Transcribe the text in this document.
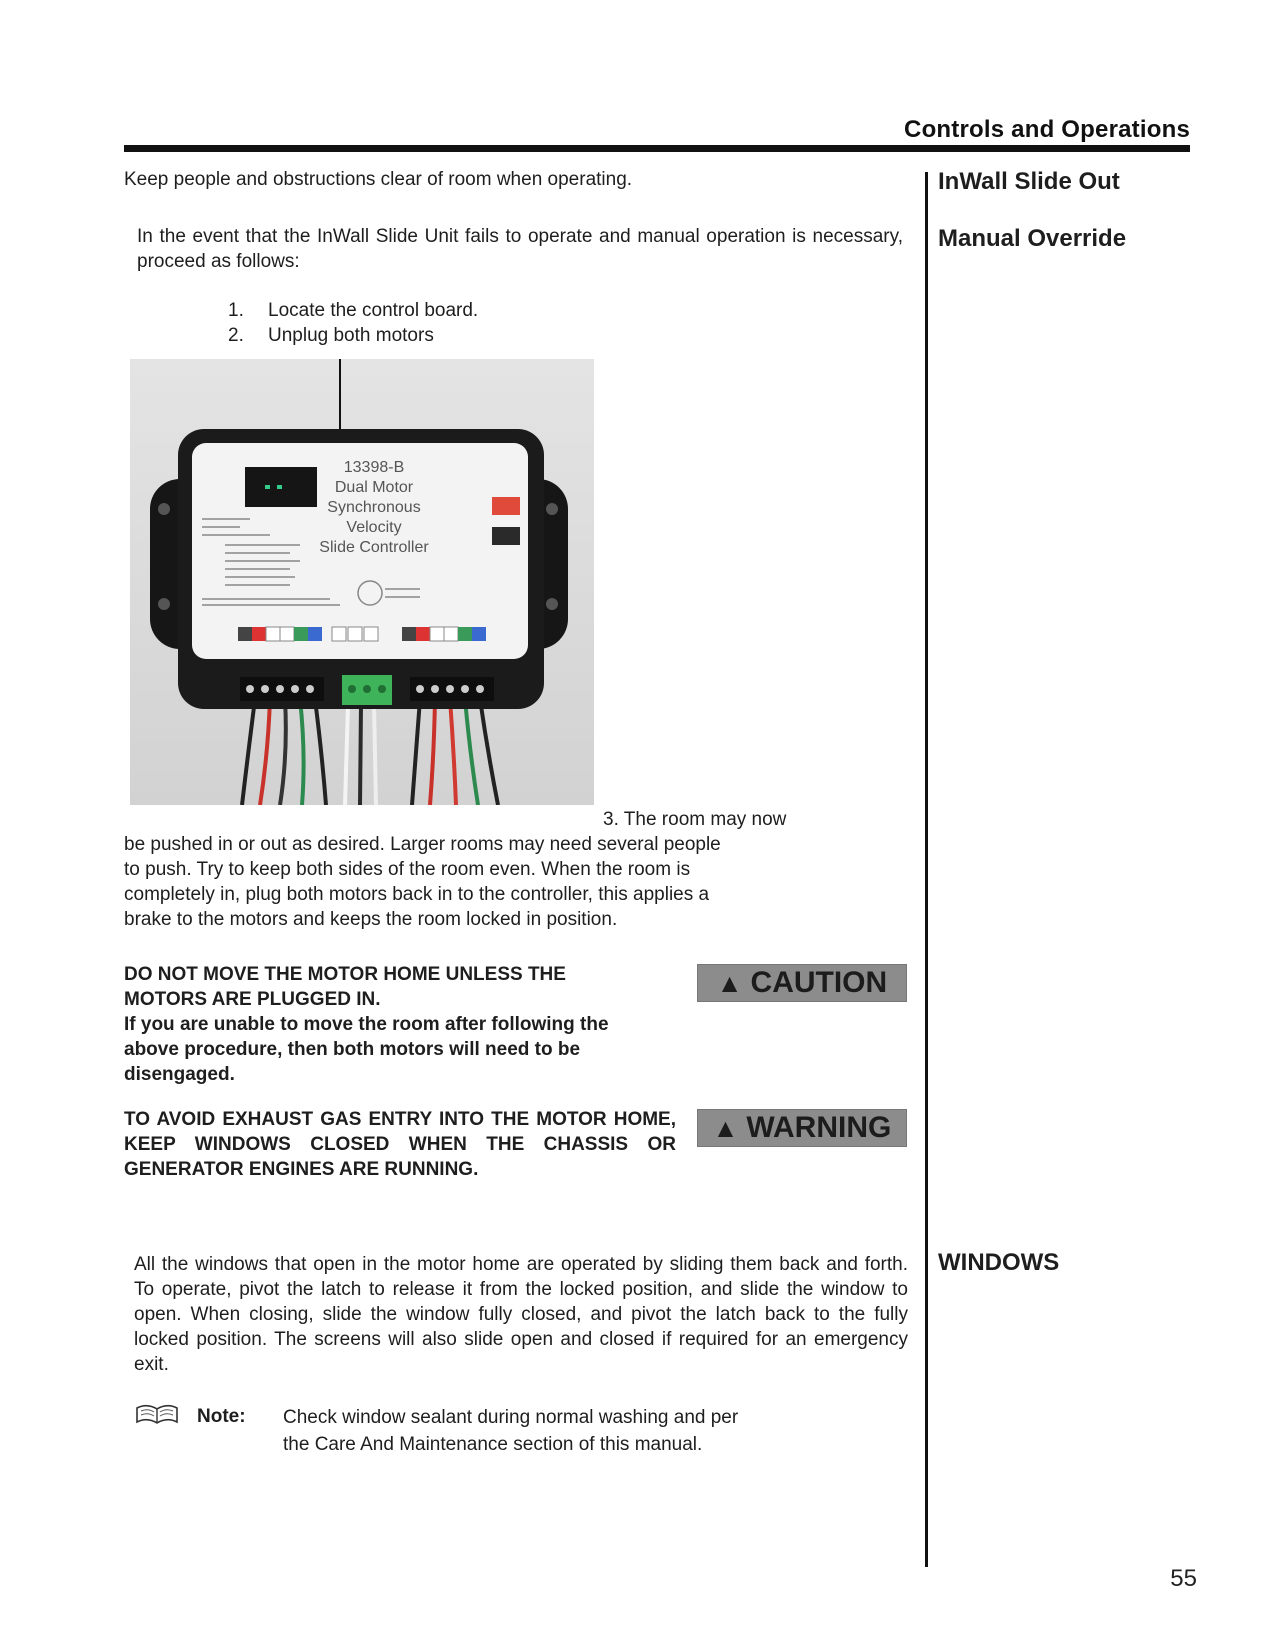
Controls and Operations
InWall Slide Out
Manual Override
WINDOWS
Keep people and obstructions clear of room when operating.
In the event that the InWall Slide Unit fails to operate and manual operation is necessary, proceed as follows:
1. Locate the control board.
2. Unplug both motors
13398-B
Dual Motor
Synchronous
Velocity
Slide Controller
3. The room may now
be pushed in or out as desired. Larger rooms may need several people
to push. Try to keep both sides of the room even. When the room is
completely in, plug both motors back in to the controller, this applies a
brake to the motors and keeps the room locked in position.
DO NOT MOVE THE MOTOR HOME UNLESS THE
MOTORS ARE PLUGGED IN.
If you are unable to move the room after following the
above procedure, then both motors will need to be
disengaged.
▲ CAUTION
TO AVOID EXHAUST GAS ENTRY INTO THE MOTOR HOME, KEEP WINDOWS CLOSED WHEN THE CHASSIS OR GENERATOR ENGINES ARE RUNNING.
▲ WARNING
All the windows that open in the motor home are operated by sliding them back and forth. To operate, pivot the latch to release it from the locked position, and slide the window to open. When closing, slide the window fully closed, and pivot the latch back to the fully locked position. The screens will also slide open and closed if required for an emergency exit.
Note: Check window sealant during normal washing and per
the Care And Maintenance section of this manual.
55
